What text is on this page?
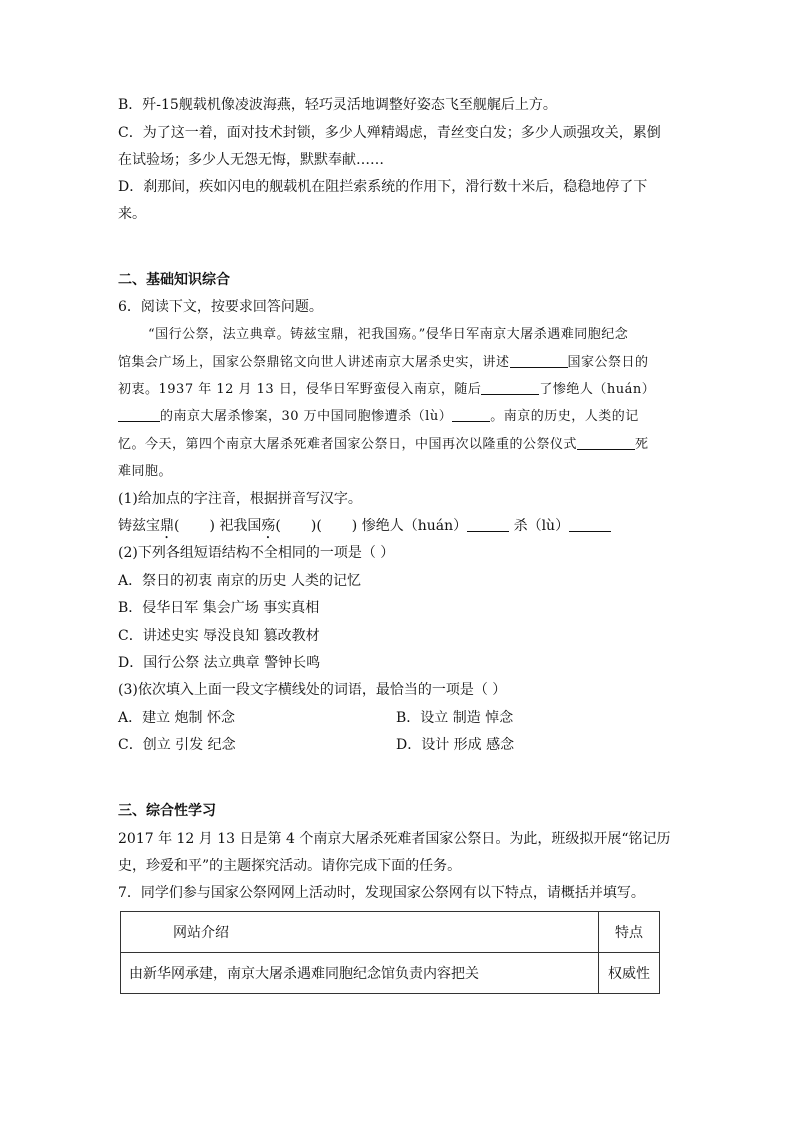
B．歼-15舰载机像凌波海燕，轻巧灵活地调整好姿态飞至舰艉后上方。
C．为了这一着，面对技术封锁，多少人殚精竭虑，青丝变白发；多少人顽强攻关，累倒
在试验场；多少人无怨无悔，默默奉献……
D．刹那间，疾如闪电的舰载机在阻拦索系统的作用下，滑行数十米后，稳稳地停了下
来。
二、基础知识综合
6．阅读下文，按要求回答问题。
“国行公祭，法立典章。铸兹宝鼎，祀我国殇。”侵华日军南京大屠杀遇难同胞纪念
馆集会广场上，国家公祭鼎铭文向世人讲述南京大屠杀史实，讲述	国家公祭日的
初衷。1937 年 12 月 13 日，侵华日军野蛮侵入南京，随后	了惨绝人（huán）
的南京大屠杀惨案，30 万中国同胞惨遭杀（lù）	。南京的历史，人类的记
忆。今天，第四个南京大屠杀死难者国家公祭日，中国再次以隆重的公祭仪式	死
难同胞。
(1)给加点的字注音，根据拼音写汉字。
铸兹宝鼎( ) 祀我国殇( )( ) 惨绝人（huán）	杀（lù）
(2)下列各组短语结构不全相同的一项是（ ）
A．祭日的初衷 南京的历史 人类的记忆
B．侵华日军 集会广场 事实真相
C．讲述史实 辱没良知 篡改教材
D．国行公祭 法立典章 警钟长鸣
(3)依次填入上面一段文字横线处的词语，最恰当的一项是（ ）
A．建立 炮制 怀念	B．设立 制造 悼念
C．创立 引发 纪念	D．设计 形成 感念
三、综合性学习
2017 年 12 月 13 日是第 4 个南京大屠杀死难者国家公祭日。为此，班级拟开展“铭记历
史，珍爱和平”的主题探究活动。请你完成下面的任务。
7．同学们参与国家公祭网网上活动时，发现国家公祭网有以下特点，请概括并填写。
网站介绍	特点
由新华网承建，南京大屠杀遇难同胞纪念馆负责内容把关	权威性
